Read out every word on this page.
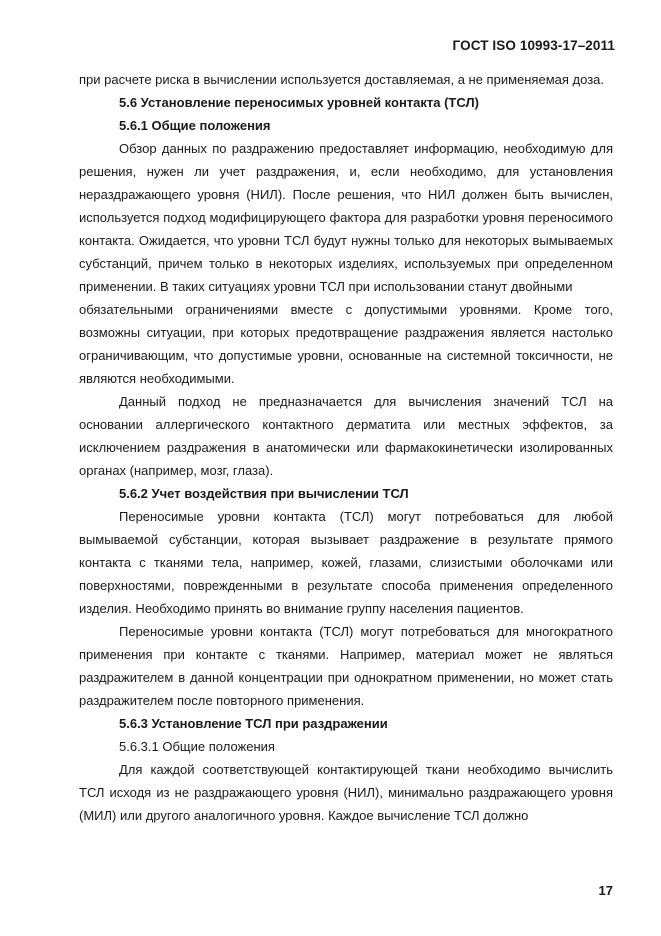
ГОСТ ISO 10993-17–2011

при расчете риска в вычислении используется доставляемая, а не применяемая доза.

5.6 Установление переносимых уровней контакта (ТСЛ)

5.6.1 Общие положения

Обзор данных по раздражению предоставляет информацию, необходимую для решения, нужен ли учет раздражения, и, если необходимо, для установления нераздражающего уровня (НИЛ). После решения, что НИЛ должен быть вычислен, используется подход модифицирующего фактора для разработки уровня переносимого контакта. Ожидается, что уровни ТСЛ будут нужны только для некоторых вымываемых субстанций, причем только в некоторых изделиях, используемых при определенном применении. В таких ситуациях уровни ТСЛ при использовании станут двойными

обязательными ограничениями вместе с допустимыми уровнями. Кроме того, возможны ситуации, при которых предотвращение раздражения является настолько ограничивающим, что допустимые уровни, основанные на системной токсичности, не являются необходимыми.

Данный подход не предназначается для вычисления значений ТСЛ на основании аллергического контактного дерматита или местных эффектов, за исключением раздражения в анатомически или фармакокинетически изолированных органах (например, мозг, глаза).

5.6.2 Учет воздействия при вычислении ТСЛ

Переносимые уровни контакта (ТСЛ) могут потребоваться для любой вымываемой субстанции, которая вызывает раздражение в результате прямого контакта с тканями тела, например, кожей, глазами, слизистыми оболочками или поверхностями, поврежденными в результате способа применения определенного изделия. Необходимо принять во внимание группу населения пациентов.

Переносимые уровни контакта (ТСЛ) могут потребоваться для многократного применения при контакте с тканями. Например, материал может не являться раздражителем в данной концентрации при однократном применении, но может стать раздражителем после повторного применения.

5.6.3 Установление ТСЛ при раздражении

5.6.3.1 Общие положения

Для каждой соответствующей контактирующей ткани необходимо вычислить ТСЛ исходя из не раздражающего уровня (НИЛ), минимально раздражающего уровня (МИЛ) или другого аналогичного уровня. Каждое вычисление ТСЛ должно

17
